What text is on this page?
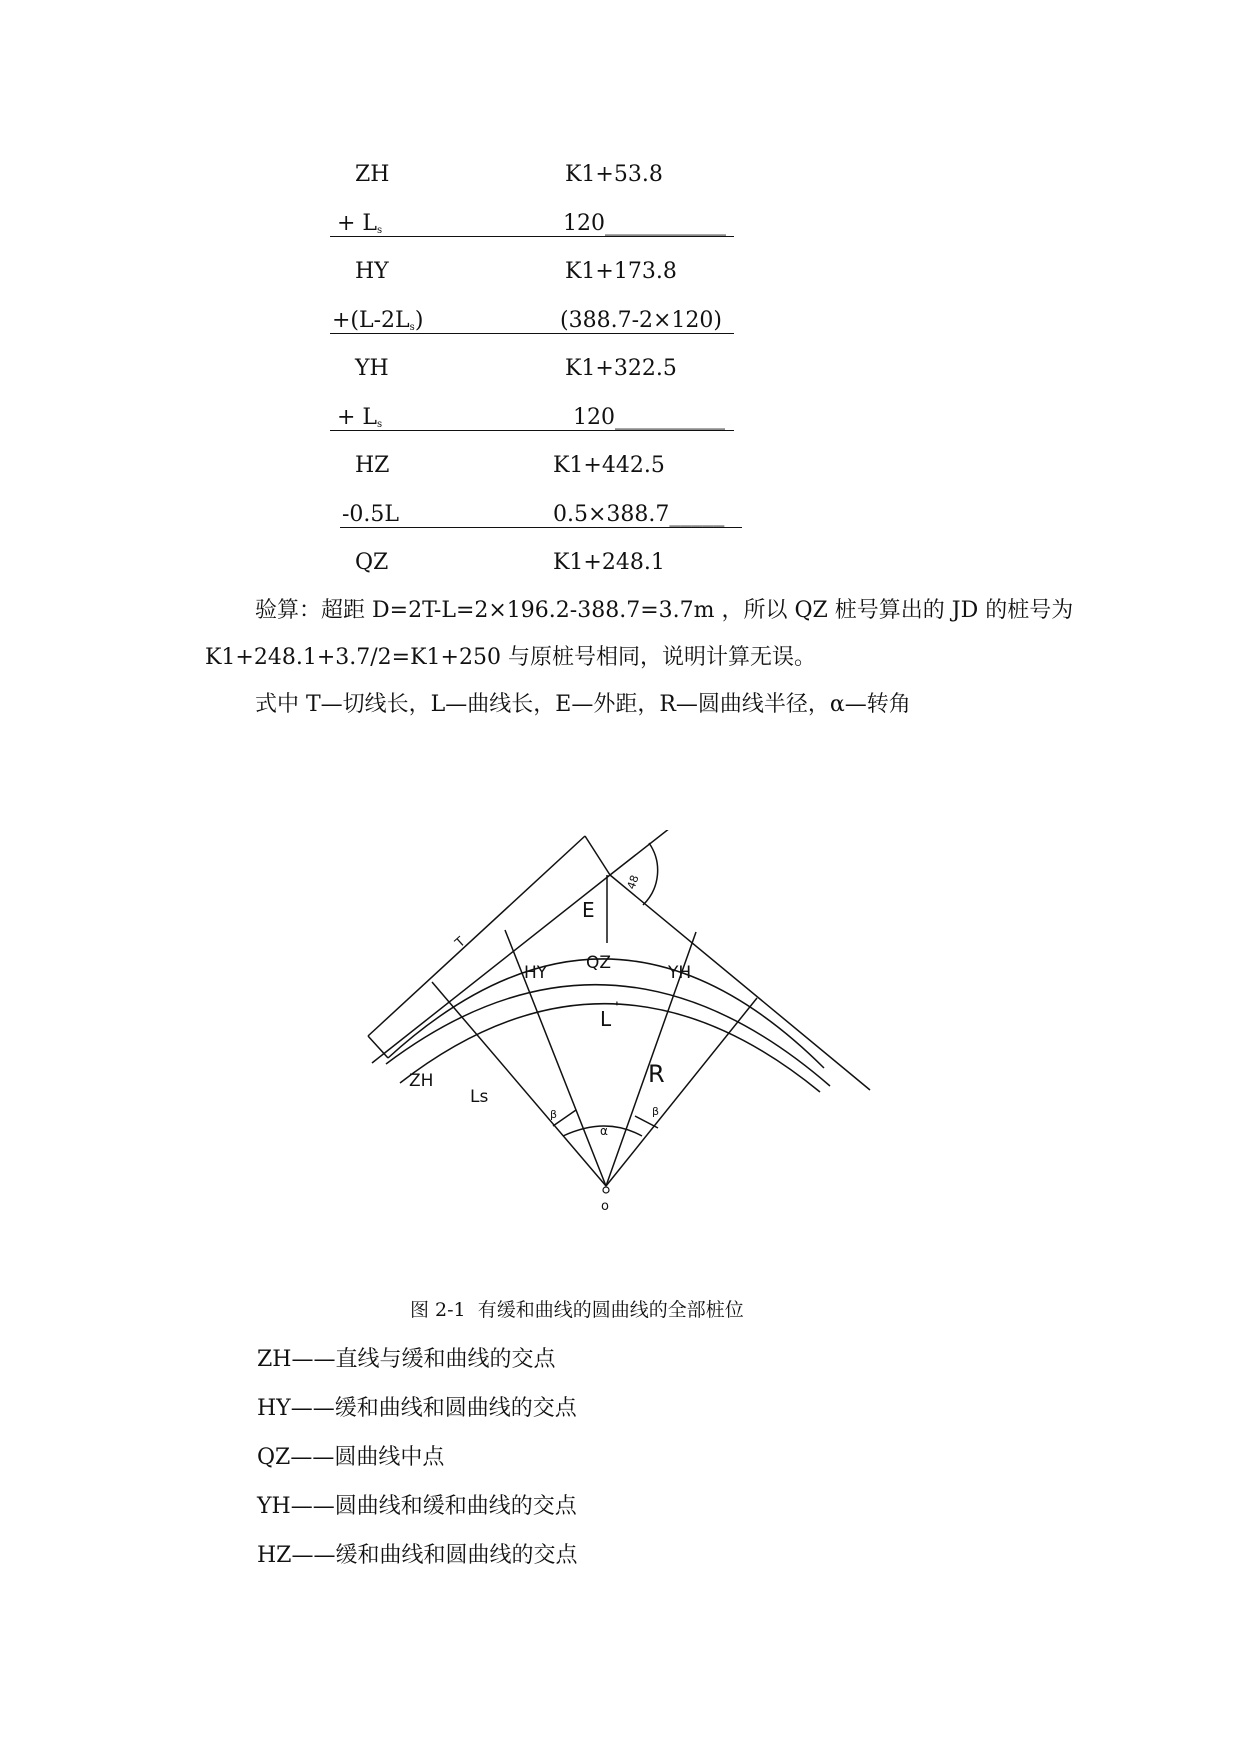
ZH	K1+53.8
+ $L_s$	120___________
HY	K1+173.8
$+(L-2L_s)$	(388.7-2×120)
YH	K1+322.5
+ $L_s$	120__________
HZ	K1+442.5
-0.5L	0.5×388.7_____
QZ	K1+248.1
验算：超距 D=2T-L=2×196.2-388.7=3.7m ，所以 QZ 桩号算出的 JD 的桩号为
K1+248.1+3.7/2=K1+250 与原桩号相同，说明计算无误。
式中 T—切线长，L—曲线长，E—外距，R—圆曲线半径，α—转角
T
48
E
QZ
HY	YH
L '
ZH
Ls
R
β	β
α
o
图 2-1  有缓和曲线的圆曲线的全部桩位
ZH——直线与缓和曲线的交点
HY——缓和曲线和圆曲线的交点
QZ——圆曲线中点
YH——圆曲线和缓和曲线的交点
HZ——缓和曲线和圆曲线的交点
